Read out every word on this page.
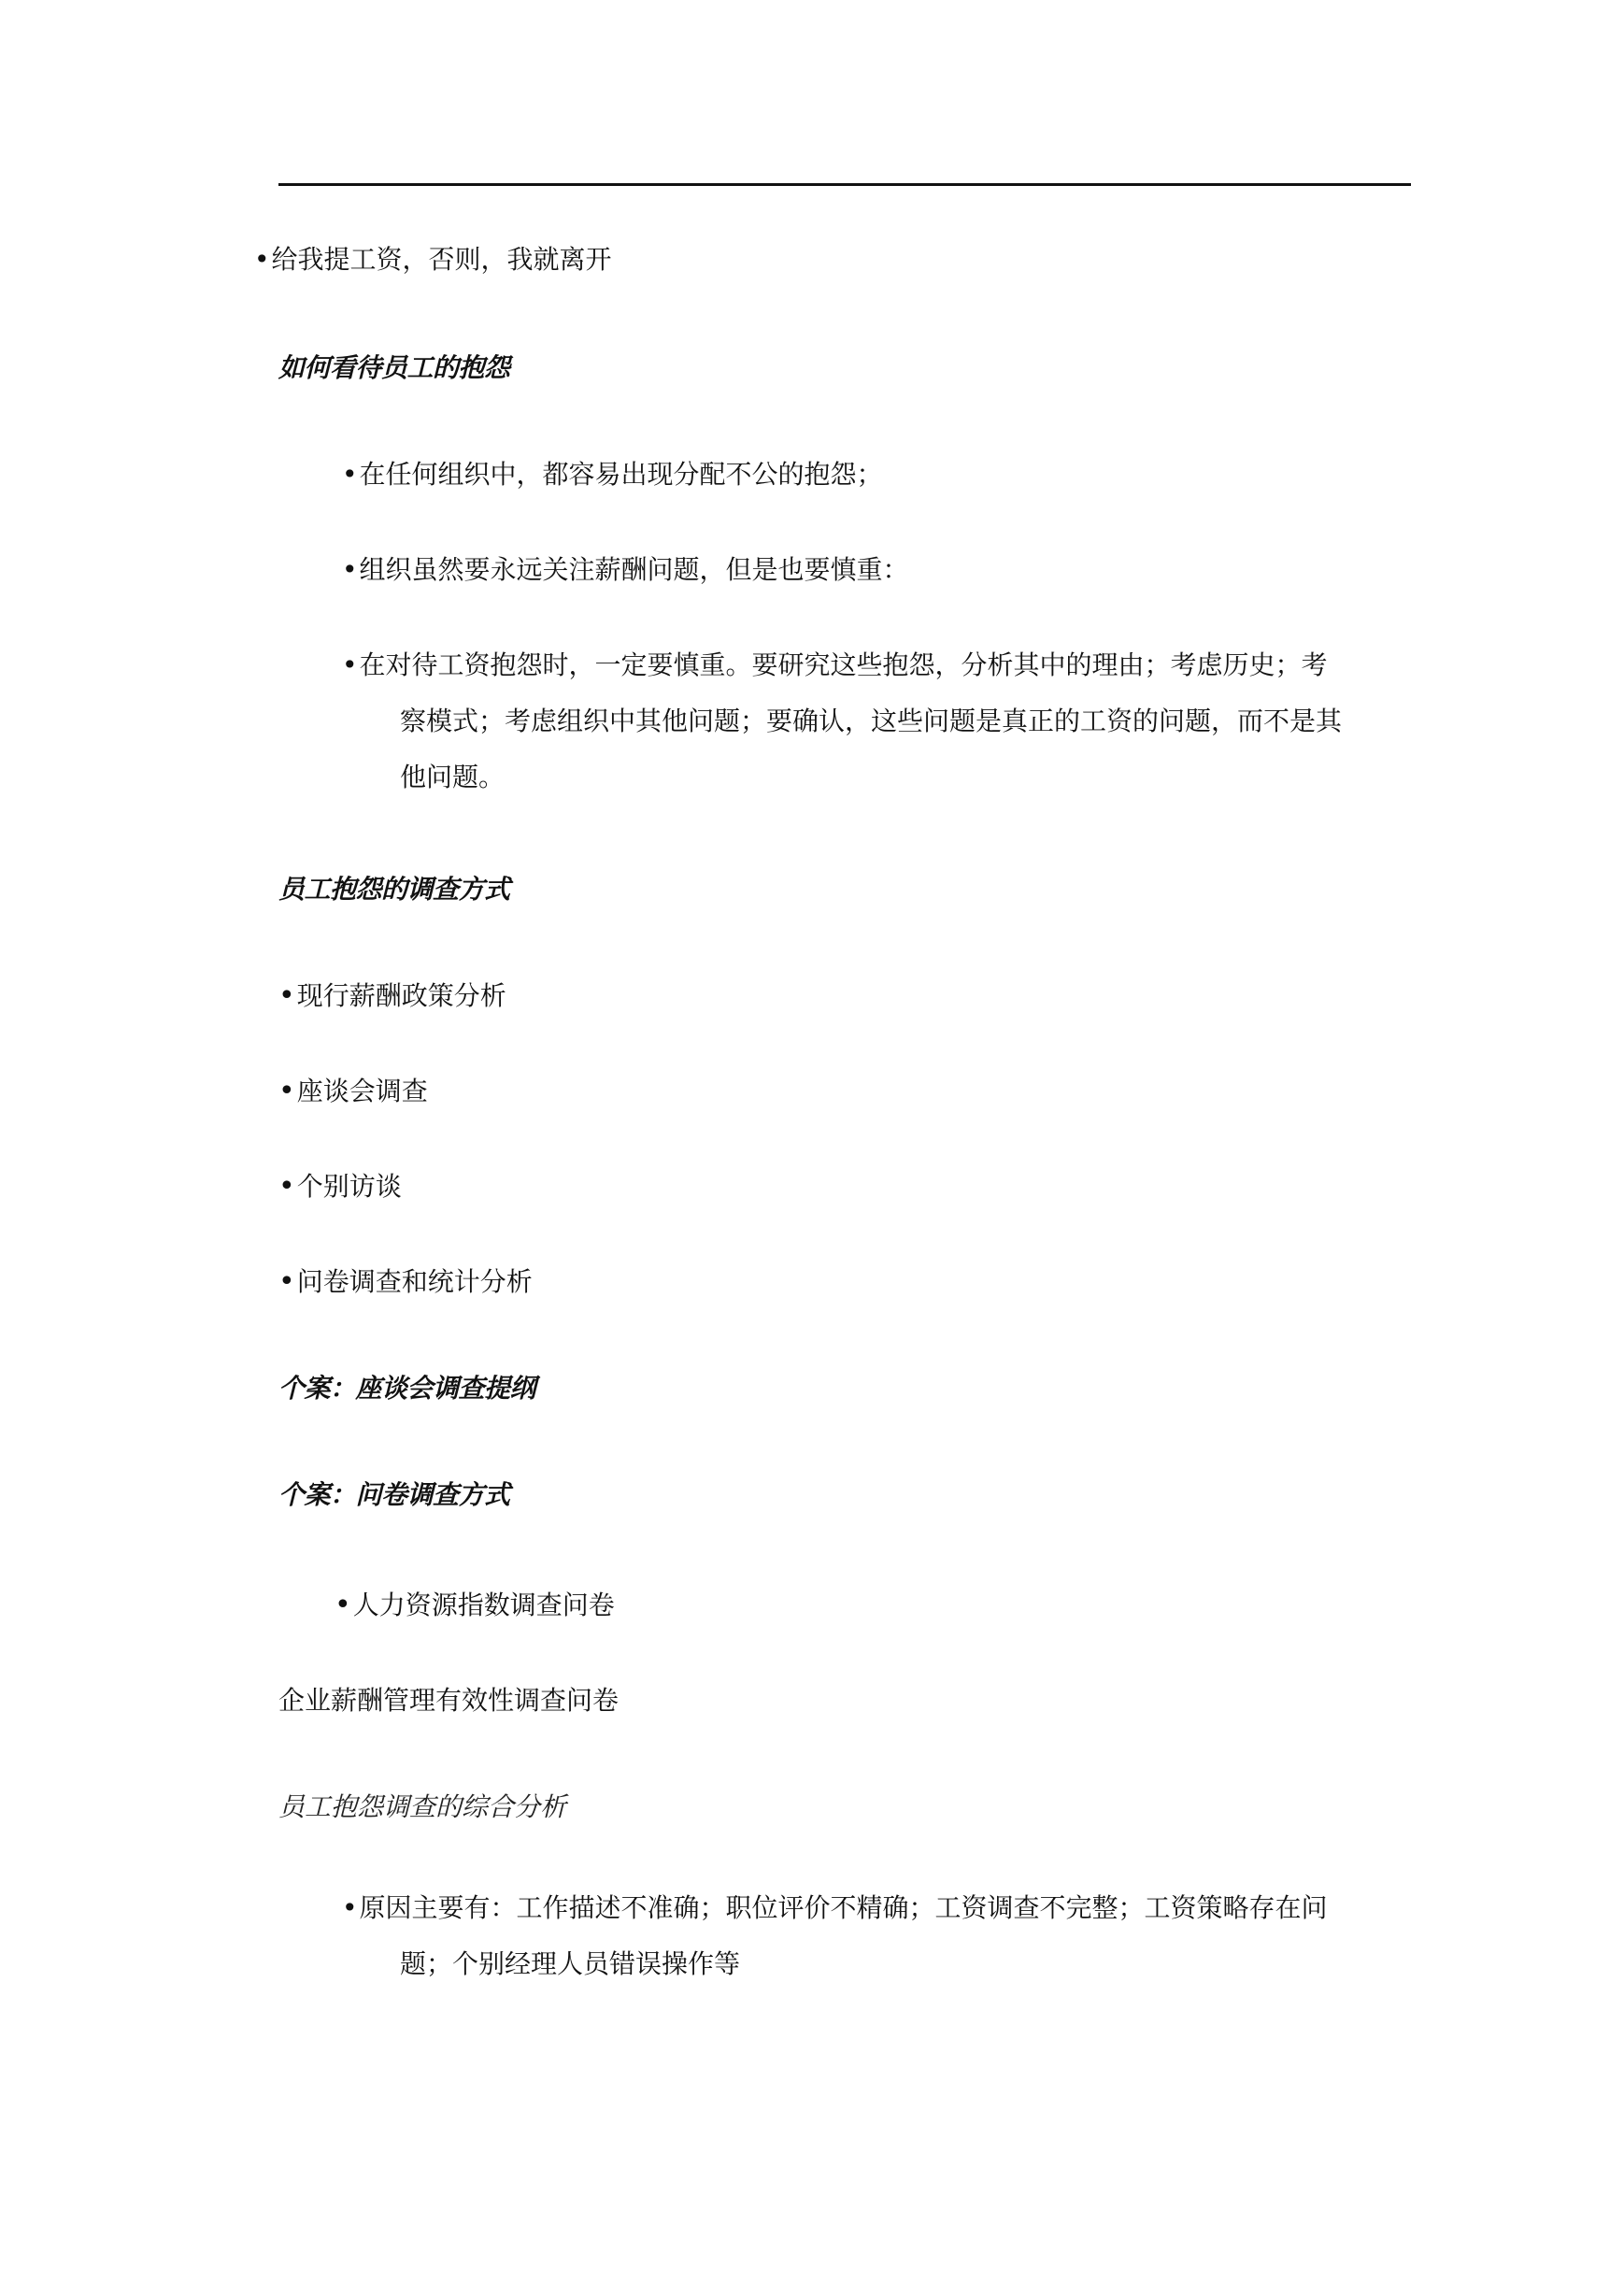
•给我提工资，否则，我就离开
如何看待员工的抱怨
•在任何组织中，都容易出现分配不公的抱怨；
•组织虽然要永远关注薪酬问题，但是也要慎重：
•在对待工资抱怨时，一定要慎重。要研究这些抱怨，分析其中的理由；考虑历史；考
察模式；考虑组织中其他问题；要确认，这些问题是真正的工资的问题，而不是其
他问题。
员工抱怨的调查方式
•现行薪酬政策分析
•座谈会调查
•个别访谈
•问卷调查和统计分析
个案：座谈会调查提纲
个案：问卷调查方式
•人力资源指数调查问卷
企业薪酬管理有效性调查问卷
员工抱怨调查的综合分析
•原因主要有：工作描述不准确；职位评价不精确；工资调查不完整；工资策略存在问
题；个别经理人员错误操作等
